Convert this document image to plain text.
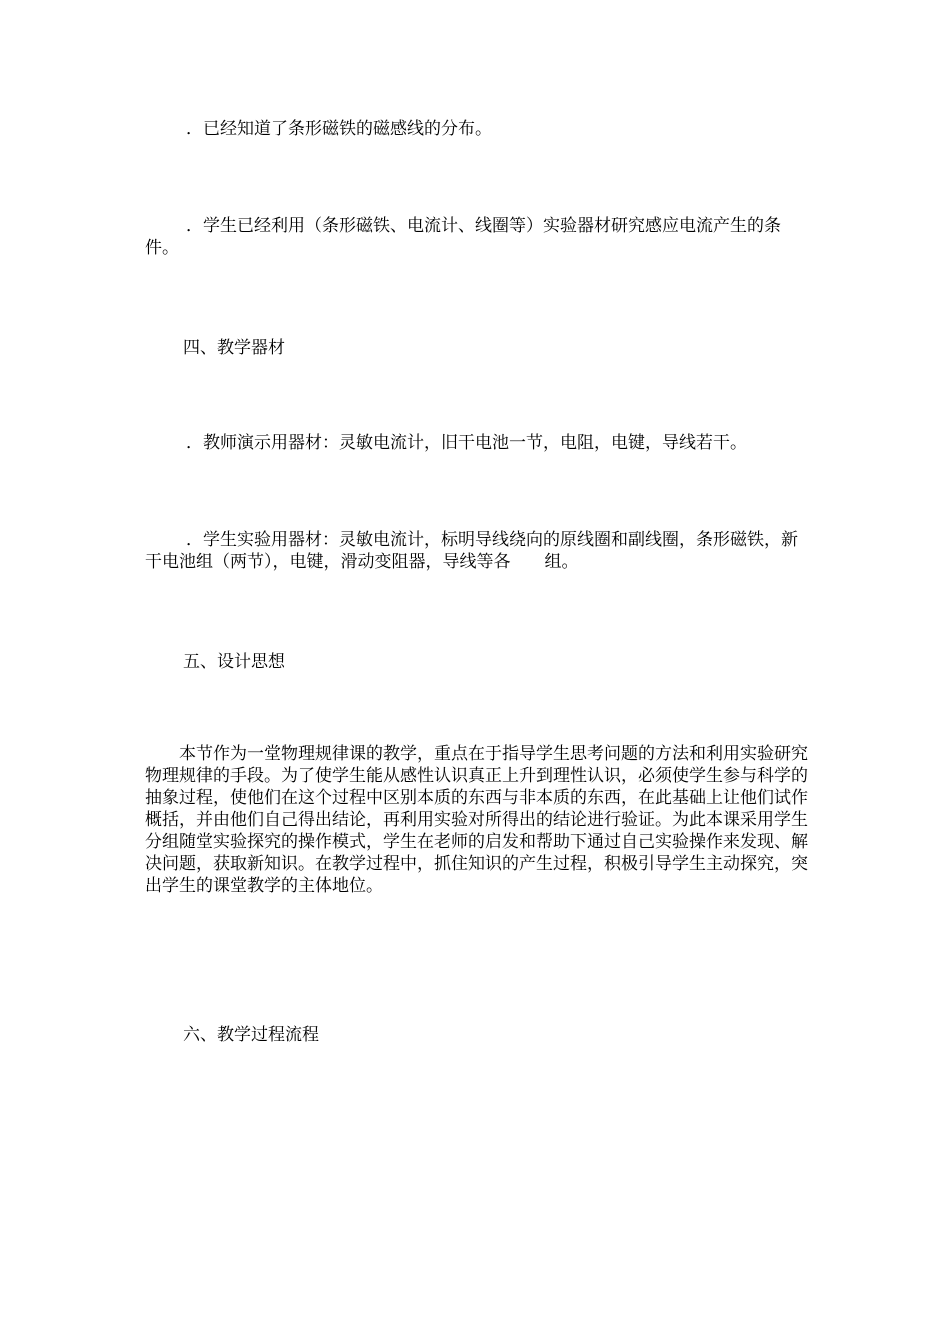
．已经知道了条形磁铁的磁感线的分布。

．学生已经利用（条形磁铁、电流计、线圈等）实验器材研究感应电流产生的条件。

四、教学器材

．教师演示用器材：灵敏电流计，旧干电池一节，电阻，电键，导线若干。

．学生实验用器材：灵敏电流计，标明导线绕向的原线圈和副线圈，条形磁铁，新干电池组（两节），电键，滑动变阻器，导线等各　　组。

五、设计思想

本节作为一堂物理规律课的教学，重点在于指导学生思考问题的方法和利用实验研究物理规律的手段。为了使学生能从感性认识真正上升到理性认识，必须使学生参与科学的抽象过程，使他们在这个过程中区别本质的东西与非本质的东西，在此基础上让他们试作概括，并由他们自己得出结论，再利用实验对所得出的结论进行验证。为此本课采用学生分组随堂实验探究的操作模式，学生在老师的启发和帮助下通过自己实验操作来发现、解决问题，获取新知识。在教学过程中，抓住知识的产生过程，积极引导学生主动探究，突出学生的课堂教学的主体地位。

六、教学过程流程
